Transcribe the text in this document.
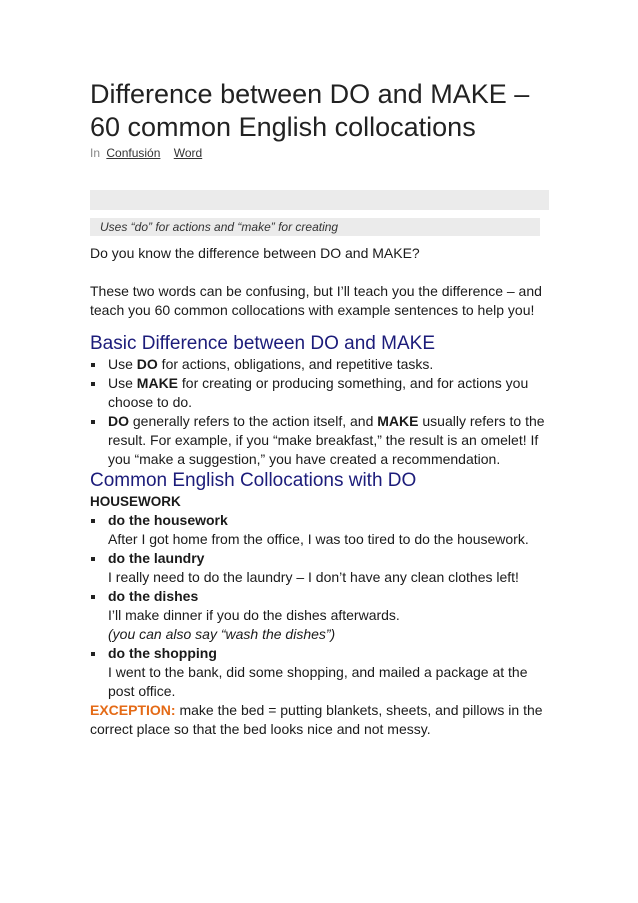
Difference between DO and MAKE – 60 common English collocations
In Confusión Word
Uses “do” for actions and “make” for creating

Do you know the difference between DO and MAKE?

These two words can be confusing, but I’ll teach you the difference – and teach you 60 common collocations with example sentences to help you!

Basic Difference between DO and MAKE
Use DO for actions, obligations, and repetitive tasks.
Use MAKE for creating or producing something, and for actions you choose to do.
DO generally refers to the action itself, and MAKE usually refers to the result. For example, if you “make breakfast,” the result is an omelet! If you “make a suggestion,” you have created a recommendation.
Common English Collocations with DO
HOUSEWORK
do the housework
After I got home from the office, I was too tired to do the housework.
do the laundry
I really need to do the laundry – I don’t have any clean clothes left!
do the dishes
I’ll make dinner if you do the dishes afterwards.
(you can also say “wash the dishes”)
do the shopping
I went to the bank, did some shopping, and mailed a package at the post office.

EXCEPTION: make the bed = putting blankets, sheets, and pillows in the correct place so that the bed looks nice and not messy.
